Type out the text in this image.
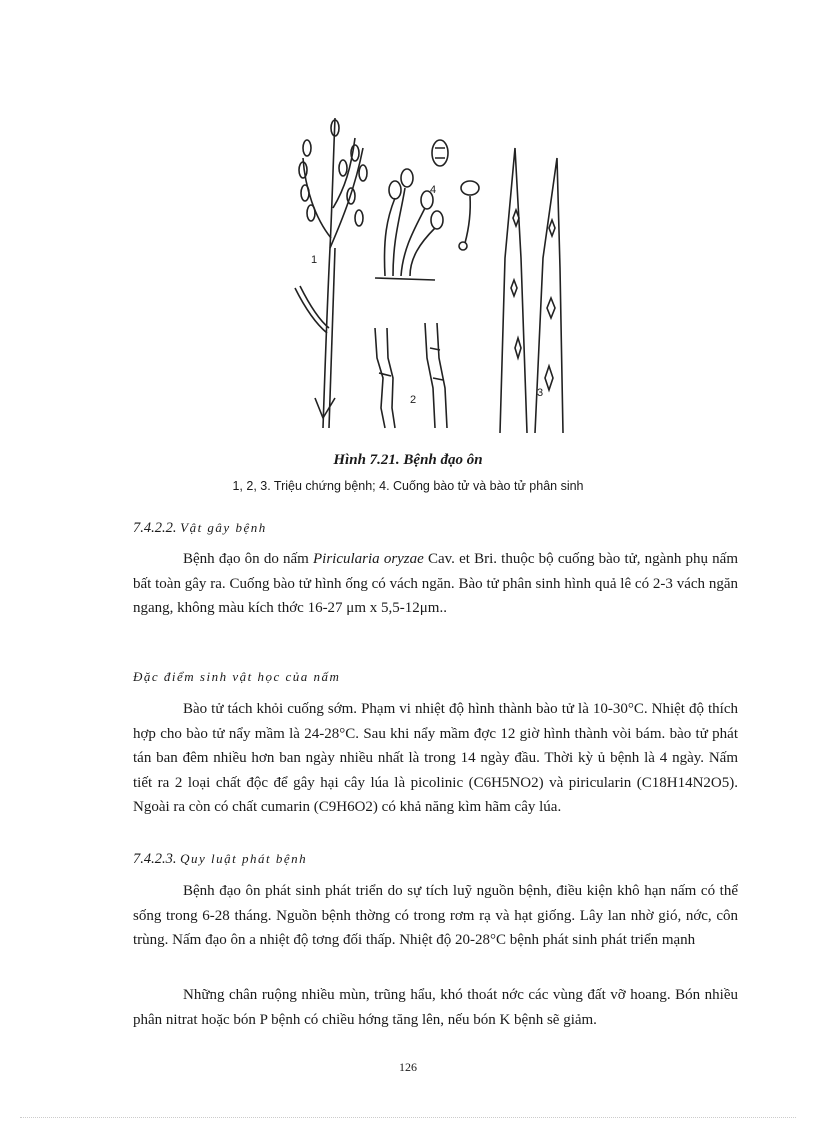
1
2
3
4
Hình 7.21. Bệnh đạo ôn
1, 2, 3. Triệu chứng bệnh; 4. Cuống bào tử và bào tử phân sinh
7.4.2.2. Vật gây bệnh
Bệnh đạo ôn do nấm Piricularia oryzae Cav. et Bri. thuộc bộ cuống bào tử, ngành phụ nấm bất toàn gây ra. Cuống bào tử hình ống có vách ngăn. Bào tử phân sinh hình quả lê có 2-3 vách ngăn ngang, không màu kích thớc 16-27 μm x 5,5-12μm..
Đặc điểm sinh vật học của nấm
Bào tử tách khỏi cuống sớm. Phạm vi nhiệt độ hình thành bào tử là 10-30°C. Nhiệt độ thích hợp cho bào tử nẩy mầm là 24-28°C. Sau khi nẩy mầm đợc 12 giờ hình thành vòi bám. bào tử phát tán ban đêm nhiều hơn ban ngày nhiều nhất là trong 14 ngày đầu. Thời kỳ ủ bệnh là 4 ngày. Nấm tiết ra 2 loại chất độc để gây hại cây lúa là picolinic (C6H5NO2) và piricularin (C18H14N2O5). Ngoài ra còn có chất cumarin (C9H6O2) có khả năng kìm hãm cây lúa.
7.4.2.3. Quy luật phát bệnh
Bệnh đạo ôn phát sinh phát triển do sự tích luỹ nguồn bệnh, điều kiện khô hạn nấm có thể sống trong 6-28 tháng. Nguồn bệnh thờng có trong rơm rạ và hạt giống. Lây lan nhờ gió, nớc, côn trùng. Nấm đạo ôn a nhiệt độ tơng đối thấp. Nhiệt độ 20-28°C bệnh phát sinh phát triển mạnh
Những chân ruộng nhiều mùn, trũng hẩu, khó thoát nớc các vùng đất vỡ hoang. Bón nhiều phân nitrat hoặc bón P bệnh có chiều hớng tăng lên, nếu bón K bệnh sẽ giảm.
126
